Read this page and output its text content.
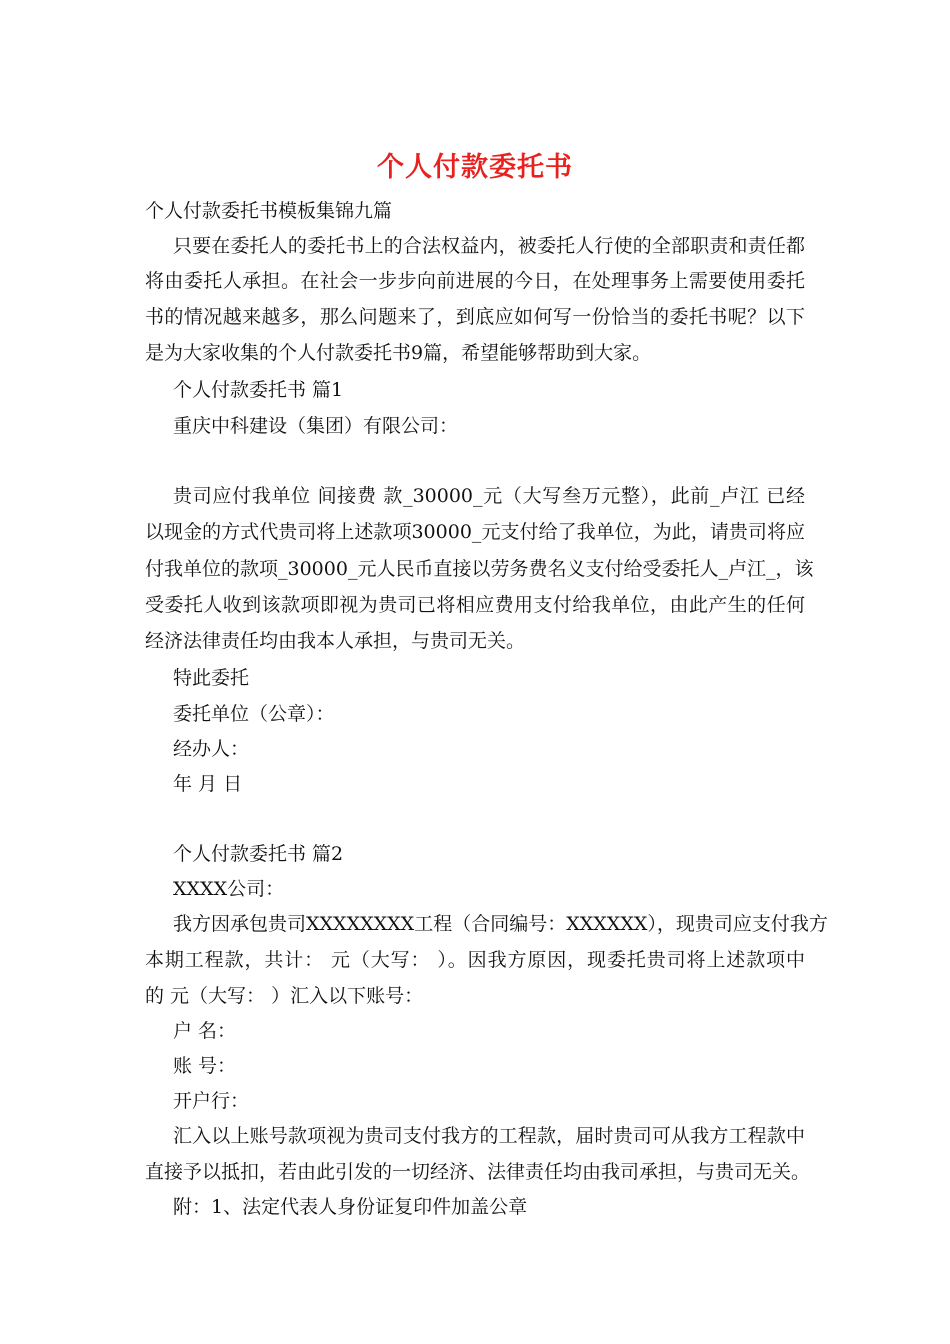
个人付款委托书
个人付款委托书模板集锦九篇
只要在委托人的委托书上的合法权益内，被委托人行使的全部职责和责任都
将由委托人承担。在社会一步步向前进展的今日，在处理事务上需要使用委托
书的情况越来越多，那么问题来了，到底应如何写一份恰当的委托书呢？以下
是为大家收集的个人付款委托书9篇，希望能够帮助到大家。
个人付款委托书 篇1
重庆中科建设（集团）有限公司：
贵司应付我单位 间接费 款_30000_元（大写叁万元整），此前_卢江 已经
以现金的方式代贵司将上述款项30000_元支付给了我单位，为此，请贵司将应
付我单位的款项_30000_元人民币直接以劳务费名义支付给受委托人_卢江_，该
受委托人收到该款项即视为贵司已将相应费用支付给我单位，由此产生的任何
经济法律责任均由我本人承担，与贵司无关。
特此委托
委托单位（公章）：
经办人：
年 月 日
个人付款委托书 篇2
XXXX公司：
我方因承包贵司XXXXXXXX工程（合同编号：XXXXXX），现贵司应支付我方
本期工程款，共计： 元（大写： ）。因我方原因，现委托贵司将上述款项中
的 元（大写： ）汇入以下账号：
户 名：
账 号：
开户行：
汇入以上账号款项视为贵司支付我方的工程款，届时贵司可从我方工程款中
直接予以抵扣，若由此引发的一切经济、法律责任均由我司承担，与贵司无关。
附：1、法定代表人身份证复印件加盖公章
